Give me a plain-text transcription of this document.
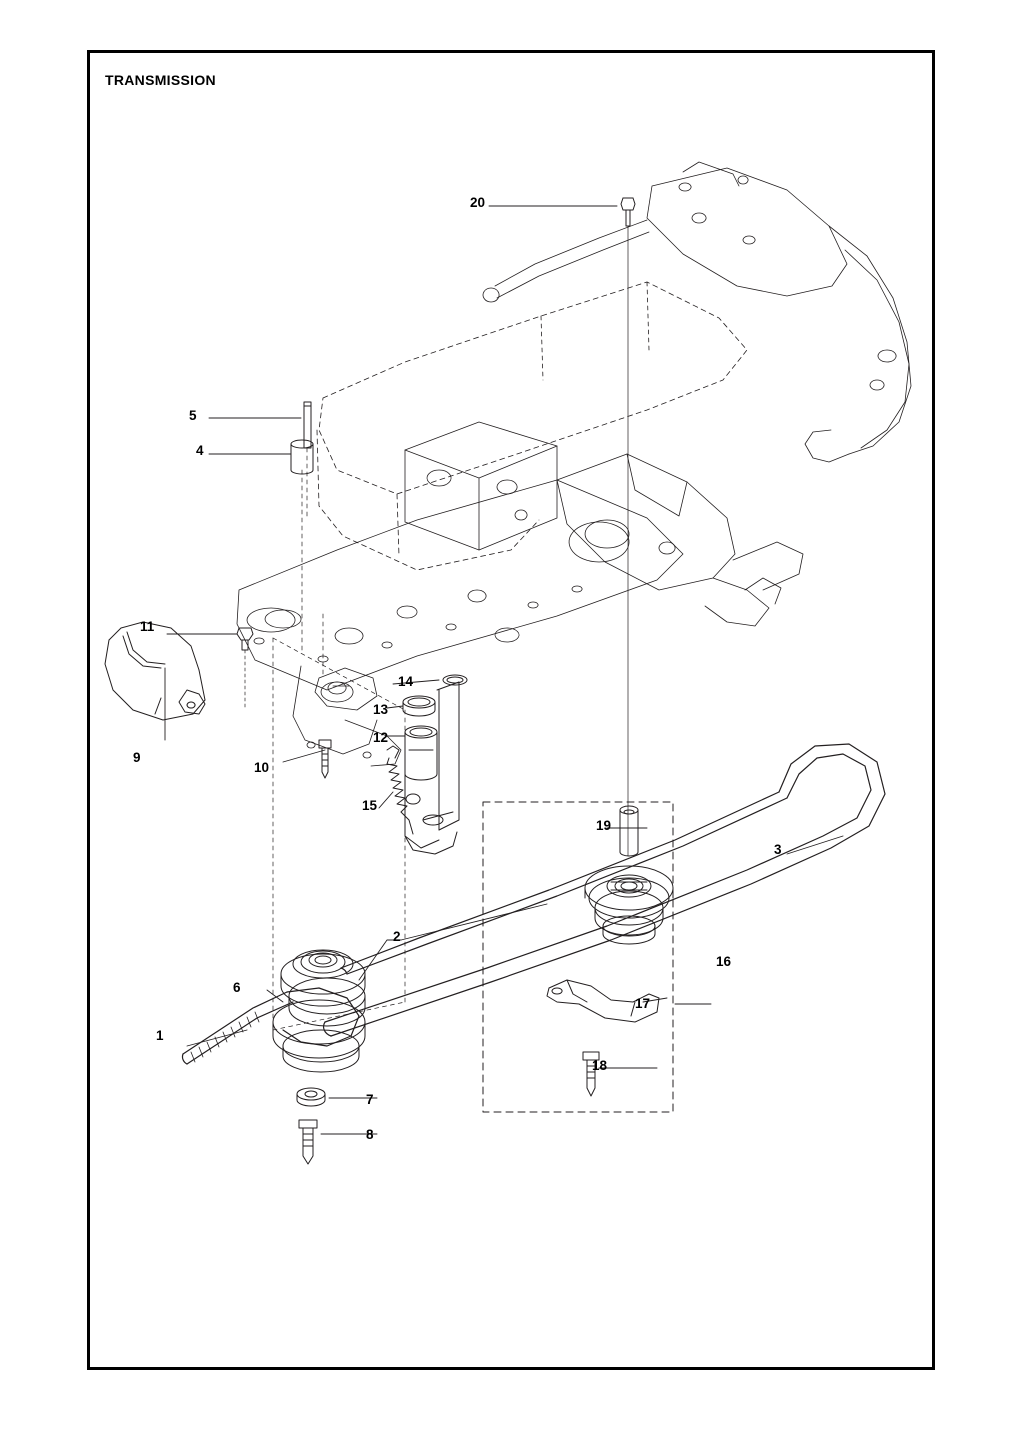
TRANSMISSION
1
2
3
4
5
6
7
8
9
10
11
12
13
14
15
16
17
18
19
20
